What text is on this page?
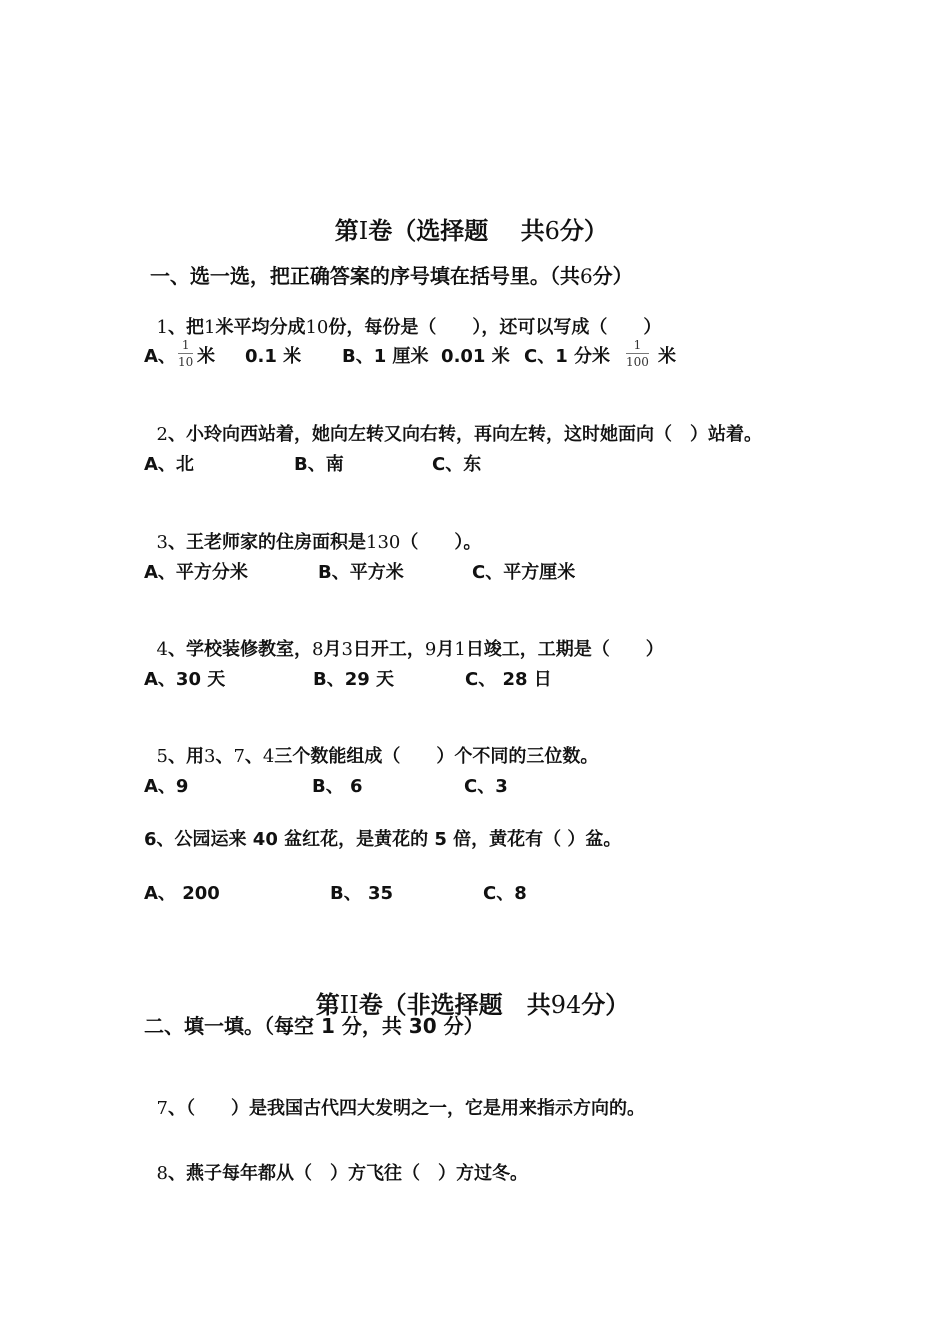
第I卷（选择题　 共6分）

一、选一选，把正确答案的序号填在括号里。（共6分）

1、把1米平均分成10份，每份是（　　），还可以写成（　　）

A、
1
10 米 0.1 米 B、1 厘米  0.01 米 C、1 分米
1
100 米

2、小玲向西站着，她向左转又向右转，再向左转，这时她面向（　）站着。

A、北	B、南	C、东

3、王老师家的住房面积是130（　　）。

A、平方分米	B、平方米	C、平方厘米

4、学校装修教室，8月3日开工，9月1日竣工，工期是（　　）

A、30 天	B、29 天	C、 28 日

5、用3、7、4三个数能组成（　　）个不同的三位数。

A、9	B、 6	C、3
6、公园运来 40 盆红花，是黄花的 5 倍，黄花有（ ）盆。
A、 200	B、 35	C、8

第II卷（非选择题　 共94分）

二、填一填。（每空 1 分，共 30 分）

7、（　　）是我国古代四大发明之一，它是用来指示方向的。

8、燕子每年都从（　）方飞往（　）方过冬。
